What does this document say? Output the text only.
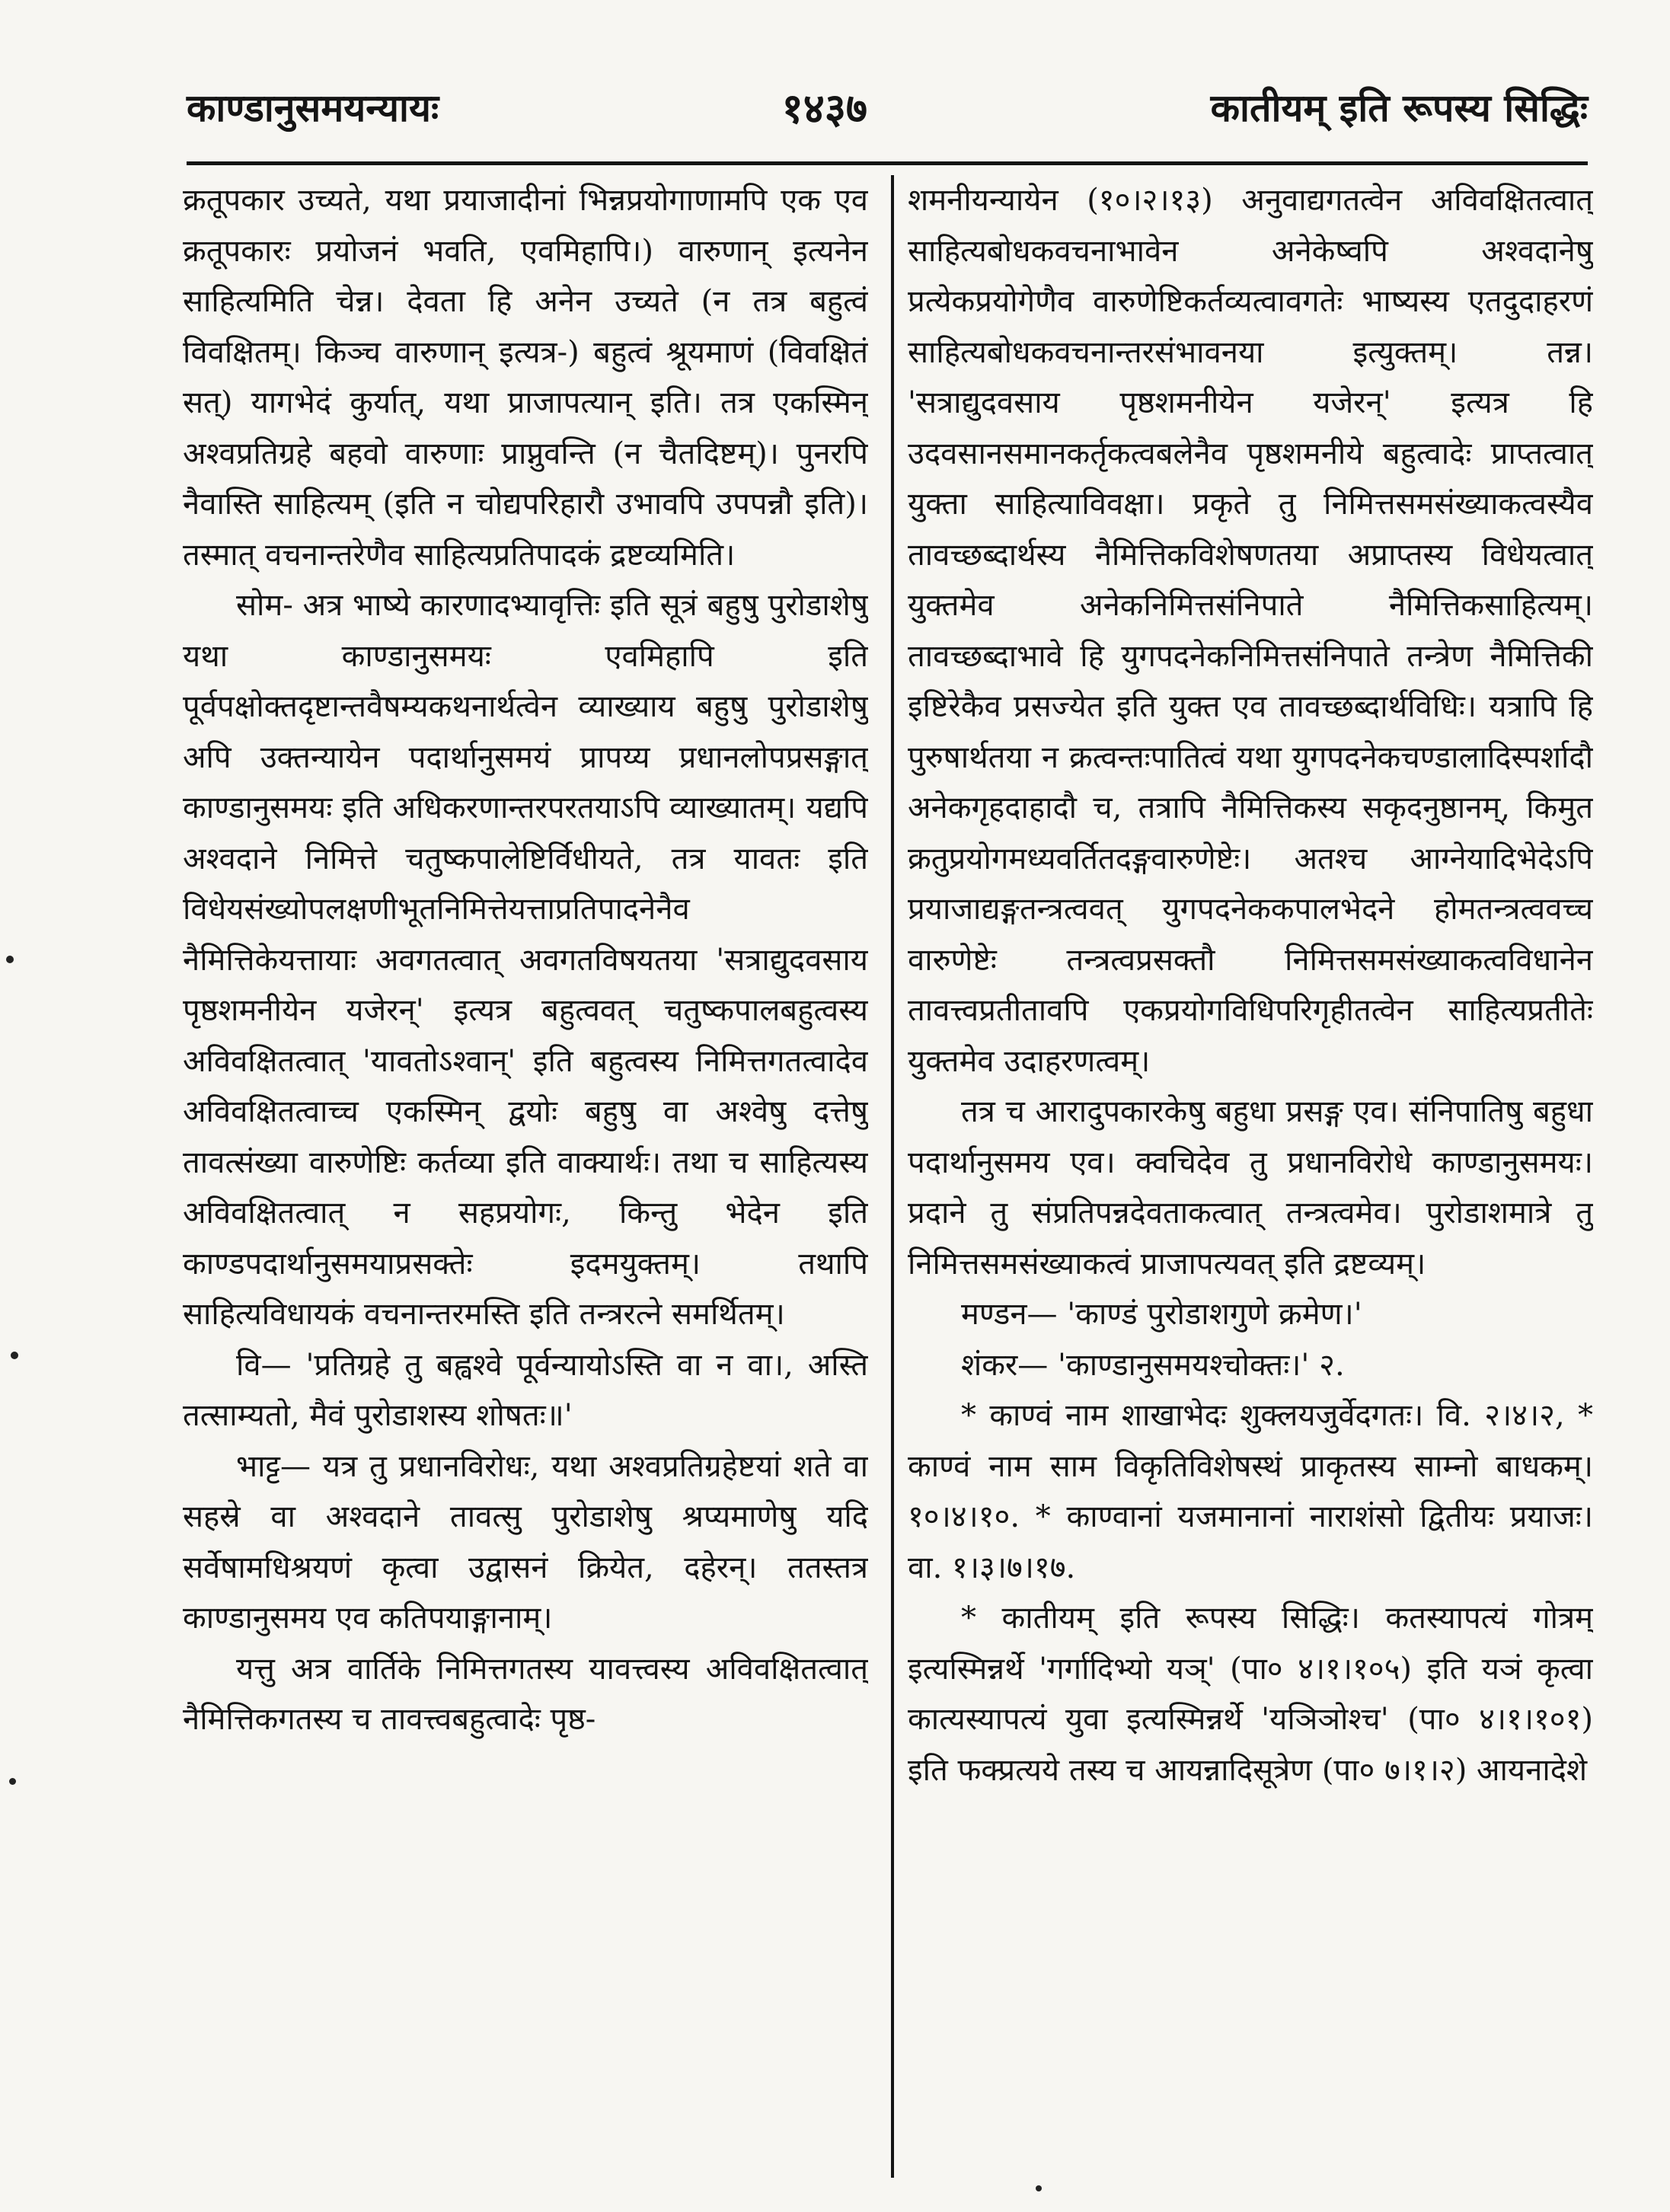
काण्डानुसमयन्यायः	१४३७	कातीयम् इति रूपस्य सिद्धिः

क्रतूपकार उच्यते, यथा प्रयाजादीनां भिन्नप्रयोगाणामपि एक एव क्रतूपकारः प्रयोजनं भवति, एवमिहापि।) वारुणान् इत्यनेन साहित्यमिति चेन्न। देवता हि अनेन उच्यते (न तत्र बहुत्वं विवक्षितम्। किञ्च वारुणान् इत्यत्र-) बहुत्वं श्रूयमाणं (विवक्षितं सत्) यागभेदं कुर्यात्, यथा प्राजापत्यान् इति। तत्र एकस्मिन् अश्वप्रतिग्रहे बहवो वारुणाः प्राप्नुवन्ति (न चैतदिष्टम्)। पुनरपि नैवास्ति साहित्यम् (इति न चोद्यपरिहारौ उभावपि उपपन्नौ इति)। तस्मात् वचनान्तरेणैव साहित्यप्रतिपादकं द्रष्टव्यमिति।

सोम- अत्र भाष्ये कारणादभ्यावृत्तिः इति सूत्रं बहुषु पुरोडाशेषु यथा काण्डानुसमयः एवमिहापि इति पूर्वपक्षोक्तदृष्टान्तवैषम्यकथनार्थत्वेन व्याख्याय बहुषु पुरोडाशेषु अपि उक्तन्यायेन पदार्थानुसमयं प्रापय्य प्रधानलोपप्रसङ्गात् काण्डानुसमयः इति अधिकरणान्तरपरतयाऽपि व्याख्यातम्। यद्यपि अश्वदाने निमित्ते चतुष्कपालेष्टिर्विधीयते, तत्र यावतः इति विधेयसंख्योपलक्षणीभूतनिमित्तेयत्ताप्रतिपादनेनैव नैमित्तिकेयत्तायाः अवगतत्वात् अवगतविषयतया 'सत्राद्युदवसाय पृष्ठशमनीयेन यजेरन्' इत्यत्र बहुत्ववत् चतुष्कपालबहुत्वस्य अविवक्षितत्वात् 'यावतोऽश्वान्' इति बहुत्वस्य निमित्तगतत्वादेव अविवक्षितत्वाच्च एकस्मिन् द्वयोः बहुषु वा अश्वेषु दत्तेषु तावत्संख्या वारुणेष्टिः कर्तव्या इति वाक्यार्थः। तथा च साहित्यस्य अविवक्षितत्वात् न सहप्रयोगः, किन्तु भेदेन इति काण्डपदार्थानुसमयाप्रसक्तेः इदमयुक्तम्। तथापि साहित्यविधायकं वचनान्तरमस्ति इति तन्त्ररत्ने समर्थितम्।

वि— 'प्रतिग्रहे तु बह्वश्वे पूर्वन्यायोऽस्ति वा न वा।, अस्ति तत्साम्यतो, मैवं पुरोडाशस्य शोषतः॥'

भाट्ट— यत्र तु प्रधानविरोधः, यथा अश्वप्रतिग्रहेष्टयां शते वा सहस्रे वा अश्वदाने तावत्सु पुरोडाशेषु श्रप्यमाणेषु यदि सर्वेषामधिश्रयणं कृत्वा उद्वासनं क्रियेत, दहेरन्। ततस्तत्र काण्डानुसमय एव कतिपयाङ्गानाम्।

यत्तु अत्र वार्तिके निमित्तगतस्य यावत्त्वस्य अविवक्षितत्वात् नैमित्तिकगतस्य च तावत्त्वबहुत्वादेः पृष्ठ-

शमनीयन्यायेन (१०।२।१३) अनुवाद्यगतत्वेन अविवक्षितत्वात् साहित्यबोधकवचनाभावेन अनेकेष्वपि अश्वदानेषु प्रत्येकप्रयोगेणैव वारुणेष्टिकर्तव्यत्वावगतेः भाष्यस्य एतदुदाहरणं साहित्यबोधकवचनान्तरसंभावनया इत्युक्तम्। तन्न। 'सत्राद्युदवसाय पृष्ठशमनीयेन यजेरन्' इत्यत्र हि उदवसानसमानकर्तृकत्वबलेनैव पृष्ठशमनीये बहुत्वादेः प्राप्तत्वात् युक्ता साहित्याविवक्षा। प्रकृते तु निमित्तसमसंख्याकत्वस्यैव तावच्छब्दार्थस्य नैमित्तिकविशेषणतया अप्राप्तस्य विधेयत्वात् युक्तमेव अनेकनिमित्तसंनिपाते नैमित्तिकसाहित्यम्। तावच्छब्दाभावे हि युगपदनेकनिमित्तसंनिपाते तन्त्रेण नैमित्तिकी इष्टिरेकैव प्रसज्येत इति युक्त एव तावच्छब्दार्थविधिः। यत्रापि हि पुरुषार्थतया न क्रत्वन्तःपातित्वं यथा युगपदनेकचण्डालादिस्पर्शादौ अनेकगृहदाहादौ च, तत्रापि नैमित्तिकस्य सकृदनुष्ठानम्, किमुत क्रतुप्रयोगमध्यवर्तितदङ्गवारुणेष्टेः। अतश्च आग्नेयादिभेदेऽपि प्रयाजाद्यङ्गतन्त्रत्ववत् युगपदनेककपालभेदने होमतन्त्रत्ववच्च वारुणेष्टेः तन्त्रत्वप्रसक्तौ निमित्तसमसंख्याकत्वविधानेन तावत्त्वप्रतीतावपि एकप्रयोगविधिपरिगृहीतत्वेन साहित्यप्रतीतेः युक्तमेव उदाहरणत्वम्।

तत्र च आरादुपकारकेषु बहुधा प्रसङ्ग एव। संनिपातिषु बहुधा पदार्थानुसमय एव। क्वचिदेव तु प्रधानविरोधे काण्डानुसमयः। प्रदाने तु संप्रतिपन्नदेवताकत्वात् तन्त्रत्वमेव। पुरोडाशमात्रे तु निमित्तसमसंख्याकत्वं प्राजापत्यवत् इति द्रष्टव्यम्।

मण्डन— 'काण्डं पुरोडाशगुणे क्रमेण।'

शंकर— 'काण्डानुसमयश्चोक्तः।' २.

* काण्वं नाम शाखाभेदः शुक्लयजुर्वेदगतः। वि. २।४।२, * काण्वं नाम साम विकृतिविशेषस्थं प्राकृतस्य साम्नो बाधकम्। १०।४।१०. * काण्वानां यजमानानां नाराशंसो द्वितीयः प्रयाजः। वा. १।३।७।१७.

* कातीयम् इति रूपस्य सिद्धिः। कतस्यापत्यं गोत्रम् इत्यस्मिन्नर्थे 'गर्गादिभ्यो यञ्' (पा० ४।१।१०५) इति यञं कृत्वा कात्यस्यापत्यं युवा इत्यस्मिन्नर्थे 'यञिञोश्च' (पा० ४।१।१०१) इति फक्प्रत्यये तस्य च आयन्नादिसूत्रेण (पा० ७।१।२) आयनादेशे
